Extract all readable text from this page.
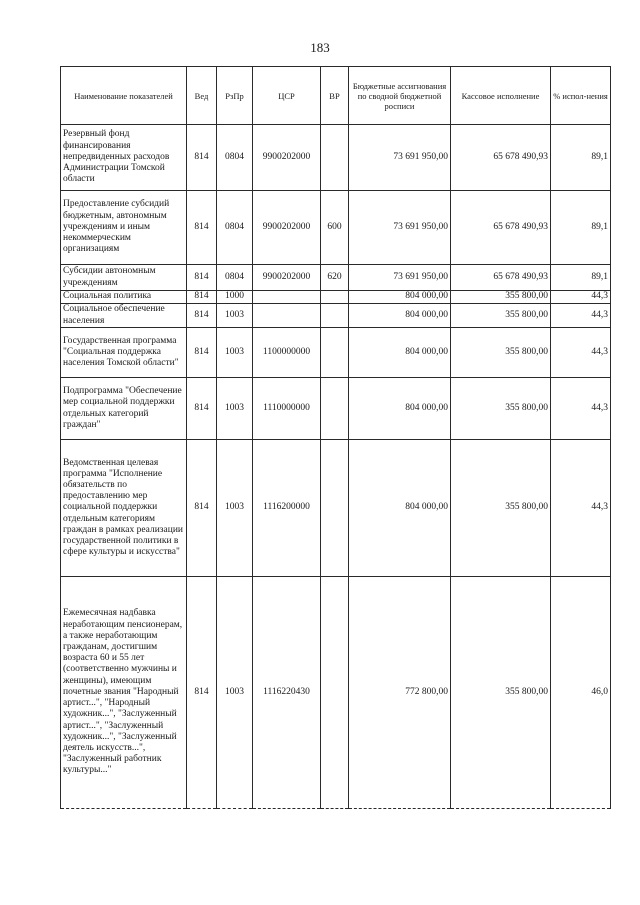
183
Наименование показателей	Вед	РзПр	ЦСР	ВР	Бюджетные ассигнования по сводной бюджетной росписи	Кассовое исполнение	% испол-нения
Резервный фонд финансирования непредвиденных расходов Администрации Томской области	814	0804	9900202000		73 691 950,00	65 678 490,93	89,1
Предоставление субсидий бюджетным, автономным учреждениям и иным некоммерческим организациям	814	0804	9900202000	600	73 691 950,00	65 678 490,93	89,1
Субсидии автономным учреждениям	814	0804	9900202000	620	73 691 950,00	65 678 490,93	89,1
Социальная политика	814	1000			804 000,00	355 800,00	44,3
Социальное обеспечение населения	814	1003			804 000,00	355 800,00	44,3
Государственная программа "Социальная поддержка населения Томской области"	814	1003	1100000000		804 000,00	355 800,00	44,3
Подпрограмма "Обеспечение мер социальной поддержки отдельных категорий граждан"	814	1003	1110000000		804 000,00	355 800,00	44,3
Ведомственная целевая программа "Исполнение обязательств по предоставлению мер социальной поддержки отдельным категориям граждан в рамках реализации государственной политики в сфере культуры и искусства"	814	1003	1116200000		804 000,00	355 800,00	44,3
Ежемесячная надбавка неработающим пенсионерам, а также неработающим гражданам, достигшим возраста 60 и 55 лет (соответственно мужчины и женщины), имеющим почетные звания "Народный артист...", "Народный художник...", "Заслуженный артист...", "Заслуженный художник...", "Заслуженный деятель искусств...", "Заслуженный работник культуры..."	814	1003	1116220430		772 800,00	355 800,00	46,0
